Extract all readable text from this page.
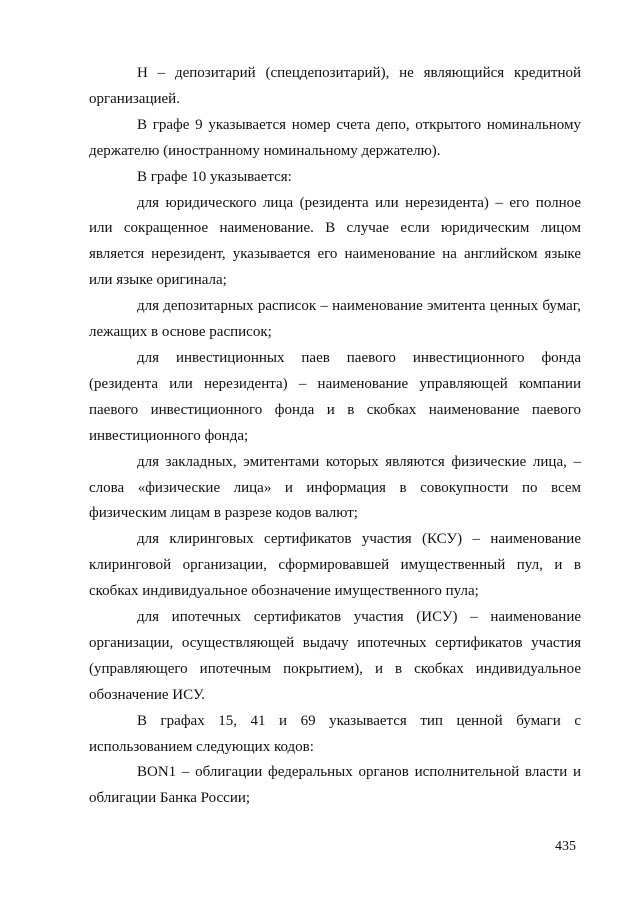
Н – депозитарий (спецдепозитарий), не являющийся кредитной организацией.

В графе 9 указывается номер счета депо, открытого номинальному держателю (иностранному номинальному держателю).

В графе 10 указывается:

для юридического лица (резидента или нерезидента) – его полное или сокращенное наименование. В случае если юридическим лицом является нерезидент, указывается его наименование на английском языке или языке оригинала;

для депозитарных расписок – наименование эмитента ценных бумаг, лежащих в основе расписок;

для инвестиционных паев паевого инвестиционного фонда (резидента или нерезидента) – наименование управляющей компании паевого инвестиционного фонда и в скобках наименование паевого инвестиционного фонда;

для закладных, эмитентами которых являются физические лица, – слова «физические лица» и информация в совокупности по всем физическим лицам в разрезе кодов валют;

для клиринговых сертификатов участия (КСУ) – наименование клиринговой организации, сформировавшей имущественный пул, и в скобках индивидуальное обозначение имущественного пула;

для ипотечных сертификатов участия (ИСУ) – наименование организации, осуществляющей выдачу ипотечных сертификатов участия (управляющего ипотечным покрытием), и в скобках индивидуальное обозначение ИСУ.

В графах 15, 41 и 69 указывается тип ценной бумаги с использованием следующих кодов:

BON1 – облигации федеральных органов исполнительной власти и облигации Банка России;

435
